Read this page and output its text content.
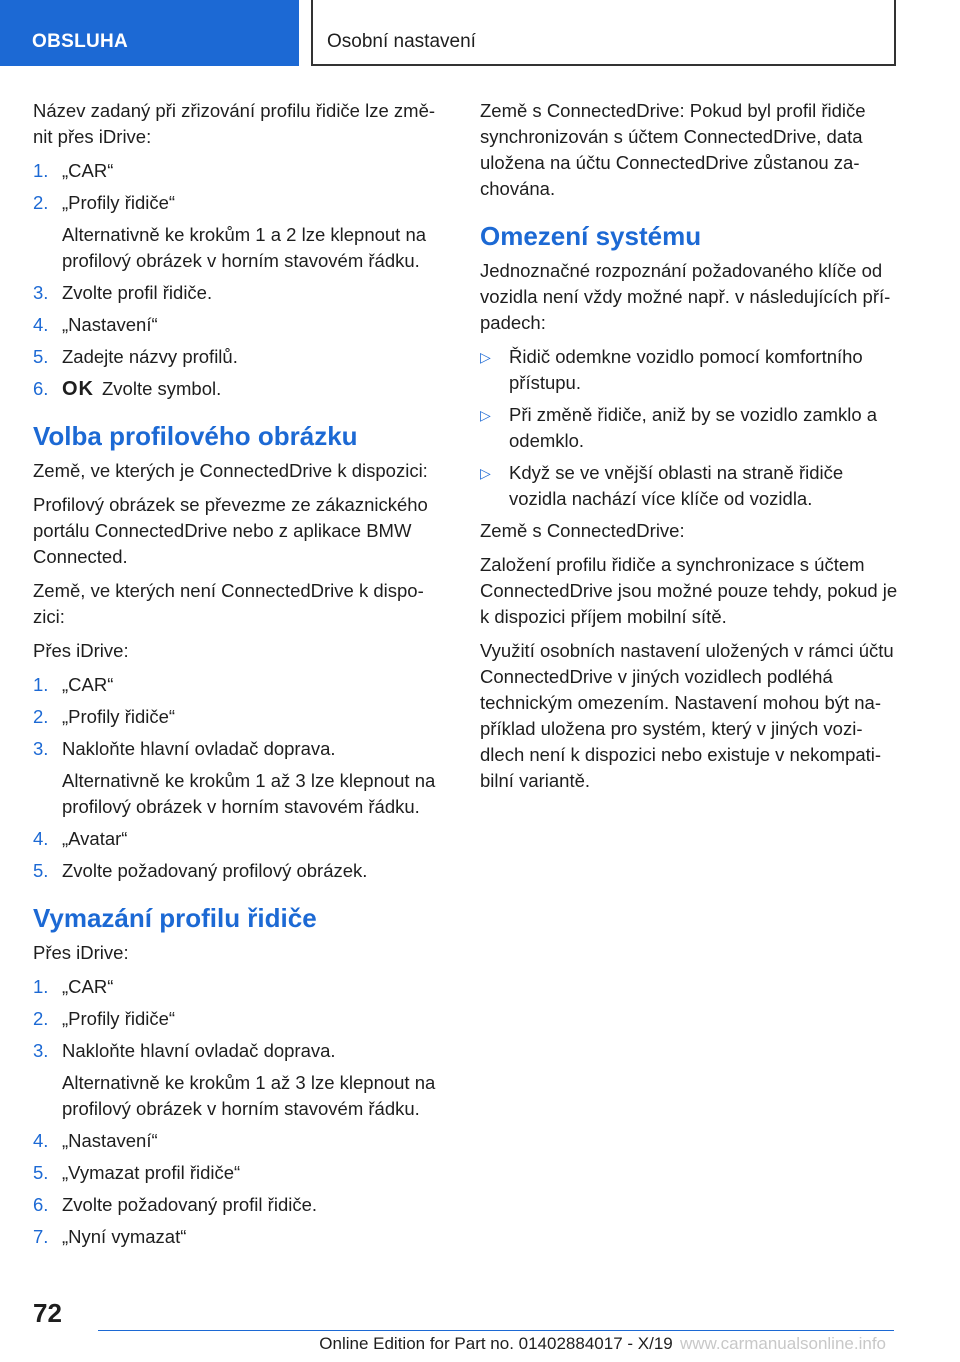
OBSLUHA	Osobní nastavení

Název zadaný při zřizování profilu řidiče lze změ‐nit přes iDrive:

1. „CAR“
2. „Profily řidiče“
Alternativně ke krokům 1 a 2 lze klepnout na profilový obrázek v horním stavovém řádku.
3. Zvolte profil řidiče.
4. „Nastavení“
5. Zadejte názvy profilů.
6. OK Zvolte symbol.
Volba profilového obrázku

Země, ve kterých je ConnectedDrive k dispozici:

Profilový obrázek se převezme ze zákaznického portálu ConnectedDrive nebo z aplikace BMW Connected.

Země, ve kterých není ConnectedDrive k dispo‐zici:

Přes iDrive:

1. „CAR“
2. „Profily řidiče“
3. Nakloňte hlavní ovladač doprava.
Alternativně ke krokům 1 až 3 lze klepnout na profilový obrázek v horním stavovém řádku.
4. „Avatar“
5. Zvolte požadovaný profilový obrázek.
Vymazání profilu řidiče

Přes iDrive:

1. „CAR“
2. „Profily řidiče“
3. Nakloňte hlavní ovladač doprava.
Alternativně ke krokům 1 až 3 lze klepnout na profilový obrázek v horním stavovém řádku.
4. „Nastavení“
5. „Vymazat profil řidiče“
6. Zvolte požadovaný profil řidiče.
7. „Nyní vymazat“

Země s ConnectedDrive: Pokud byl profil řidiče synchronizován s účtem ConnectedDrive, data uložena na účtu ConnectedDrive zůstanou za‐chována.

Omezení systému

Jednoznačné rozpoznání požadovaného klíče od vozidla není vždy možné např. v následujících pří‐padech:

▷ Řidič odemkne vozidlo pomocí komfortního přístupu.
▷ Při změně řidiče, aniž by se vozidlo zamklo a odemklo.
▷ Když se ve vnější oblasti na straně řidiče vozidla nachází více klíče od vozidla.

Země s ConnectedDrive:

Založení profilu řidiče a synchronizace s účtem ConnectedDrive jsou možné pouze tehdy, pokud je k dispozici příjem mobilní sítě.

Využití osobních nastavení uložených v rámci účtu ConnectedDrive v jiných vozidlech podléhá technickým omezením. Nastavení mohou být na‐příklad uložena pro systém, který v jiných vozi‐dlech není k dispozici nebo existuje v nekompati‐bilní variantě.

72
Online Edition for Part no. 01402884017 - X/19 www.carmanualsonline.info
